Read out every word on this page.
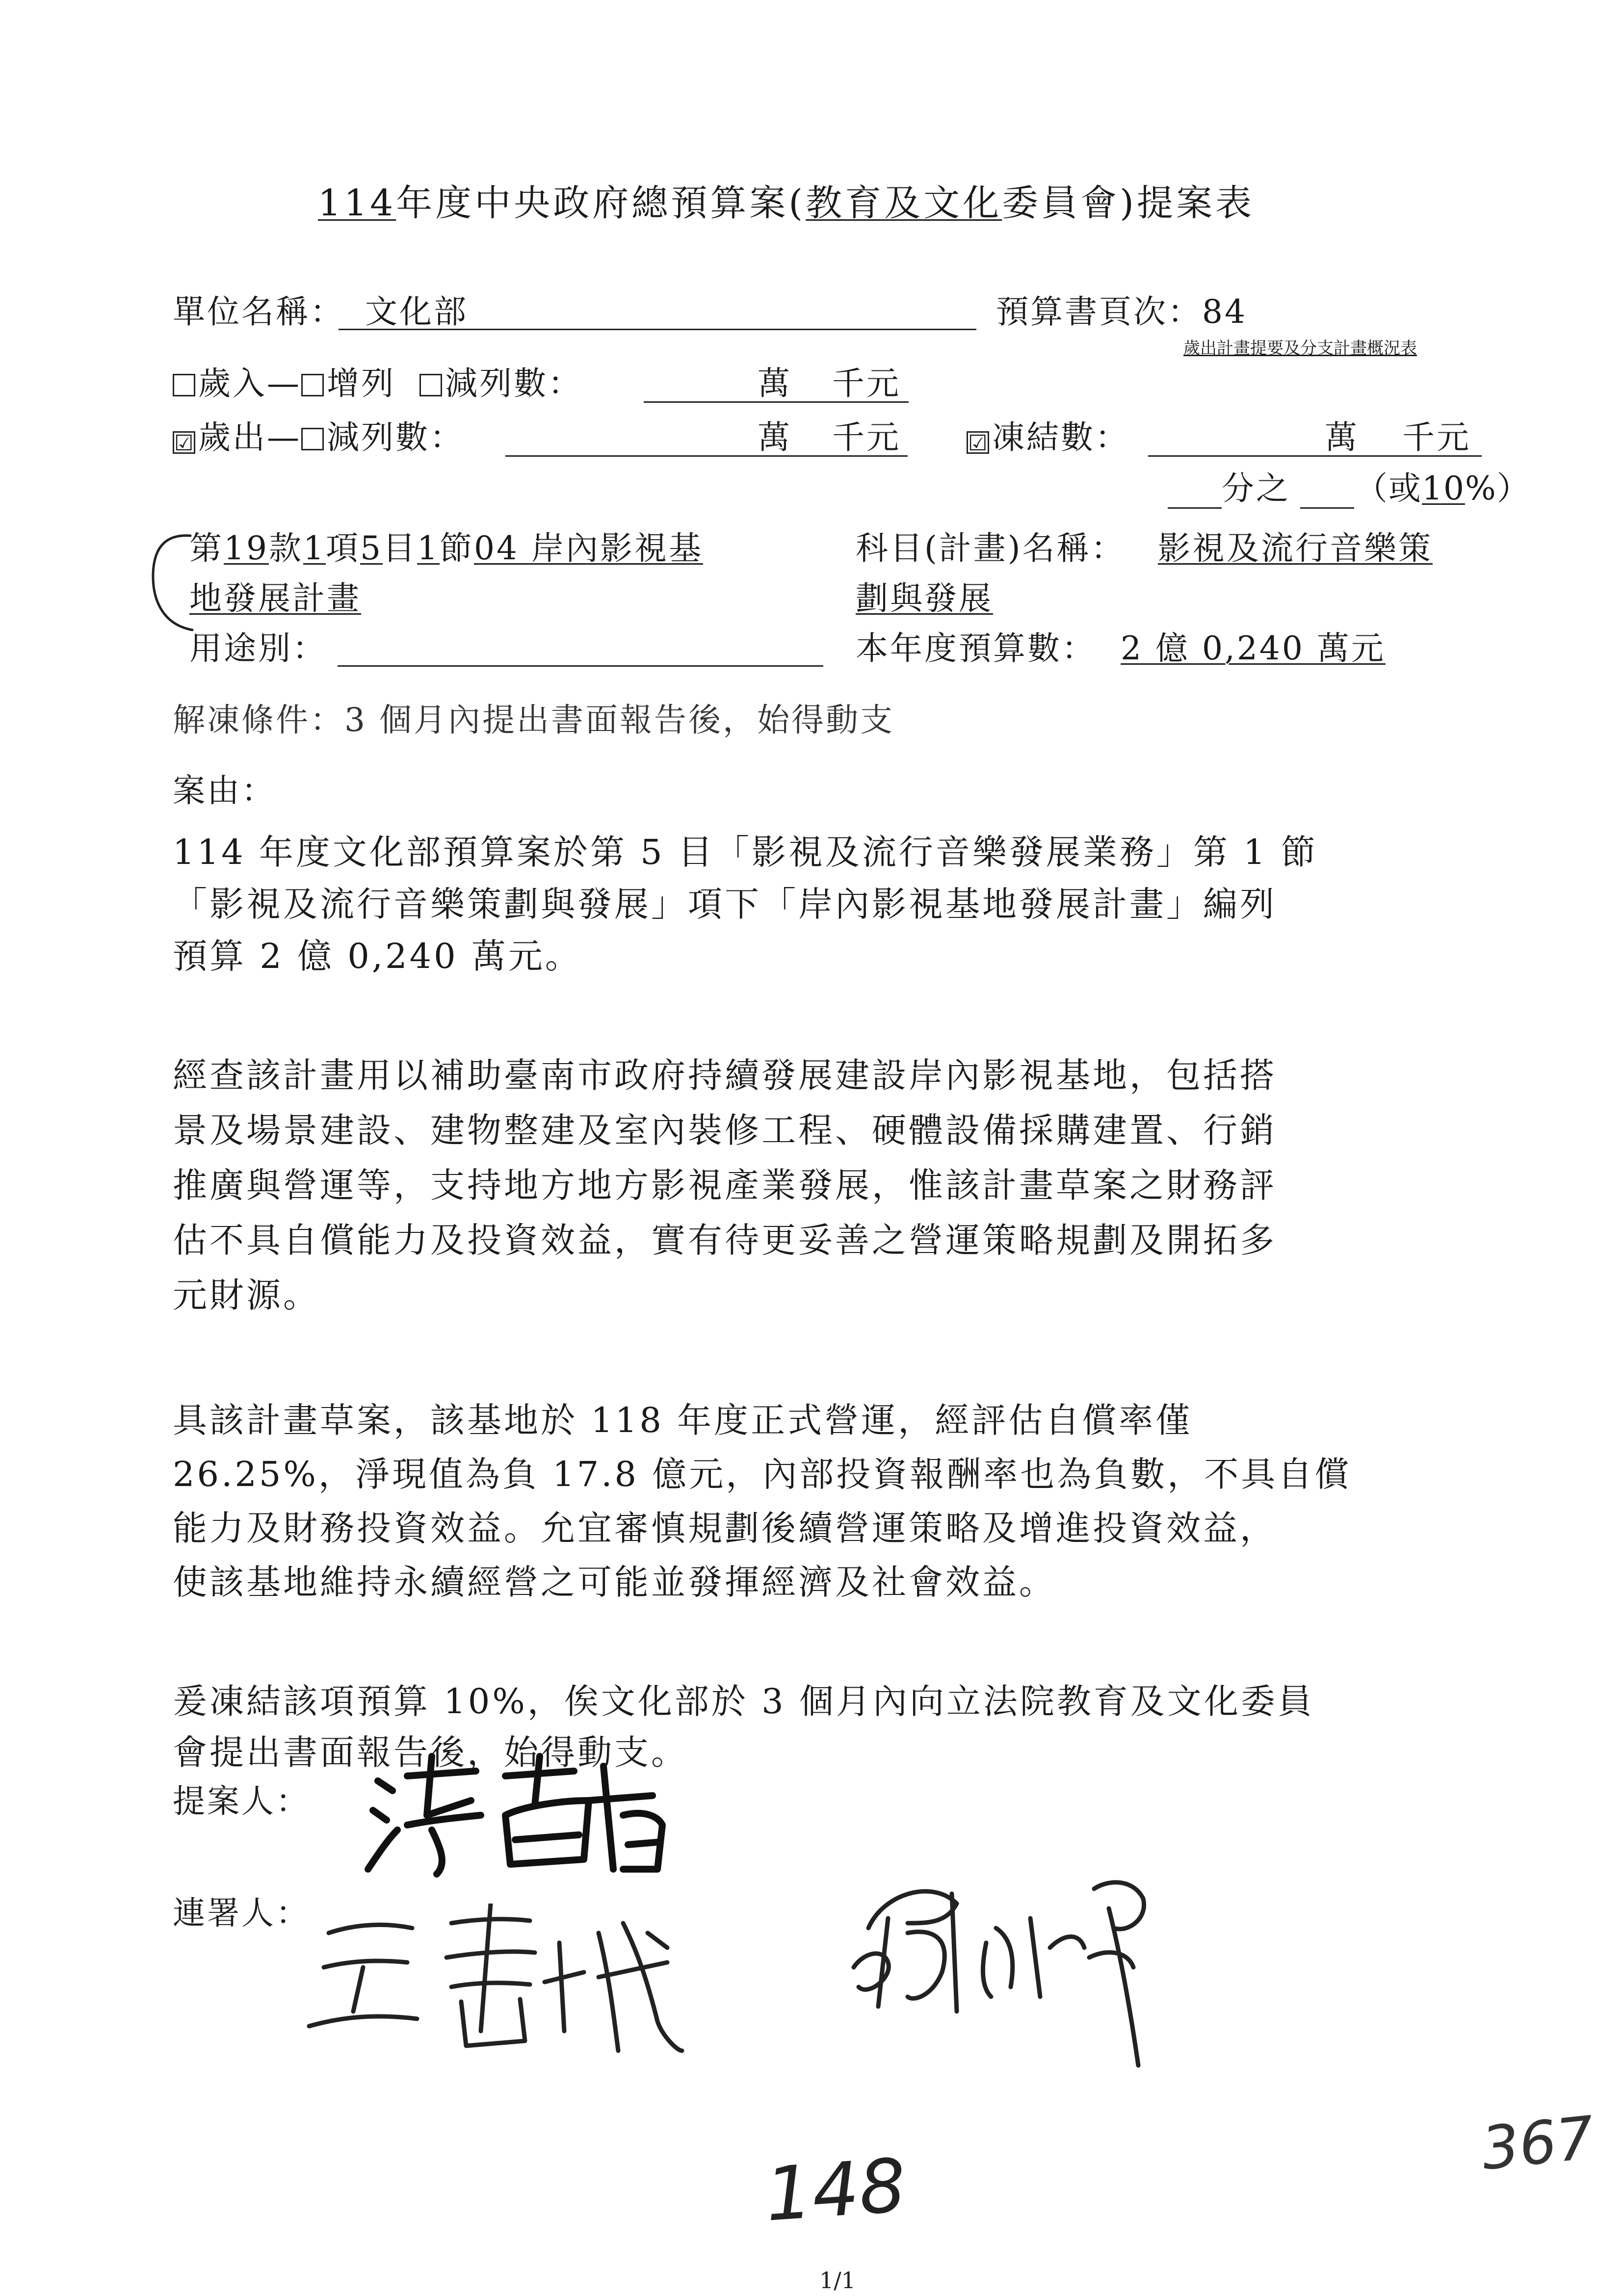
114年度中央政府總預算案(教育及文化委員會)提案表
單位名稱： 文化部	預算書頁次：84
歲出計畫提要及分支計畫概況表
歲入— 增列 減列數：	萬 千元
☑歲出— 減列數：	萬 千元	☑凍結數：	萬 千元
分之 （或10%）
第19款1項5目1節04 岸內影視基
地發展計畫
科目(計畫)名稱： 影視及流行音樂策
劃與發展
用途別：	本年度預算數： 2 億 0,240 萬元
解凍條件：3 個月內提出書面報告後，始得動支
案由：
114 年度文化部預算案於第 5 目「影視及流行音樂發展業務」第 1 節
「影視及流行音樂策劃與發展」項下「岸內影視基地發展計畫」編列
預算 2 億 0,240 萬元。
經查該計畫用以補助臺南市政府持續發展建設岸內影視基地，包括搭
景及場景建設、建物整建及室內裝修工程、硬體設備採購建置、行銷
推廣與營運等，支持地方地方影視產業發展，惟該計畫草案之財務評
估不具自償能力及投資效益，實有待更妥善之營運策略規劃及開拓多
元財源。
具該計畫草案，該基地於 118 年度正式營運，經評估自償率僅
26.25%，淨現值為負 17.8 億元，內部投資報酬率也為負數，不具自償
能力及財務投資效益。允宜審慎規劃後續營運策略及增進投資效益，
使該基地維持永續經營之可能並發揮經濟及社會效益。
爰凍結該項預算 10%，俟文化部於 3 個月內向立法院教育及文化委員
會提出書面報告後，始得動支。
提案人：
連署人：
148	367
1/1
